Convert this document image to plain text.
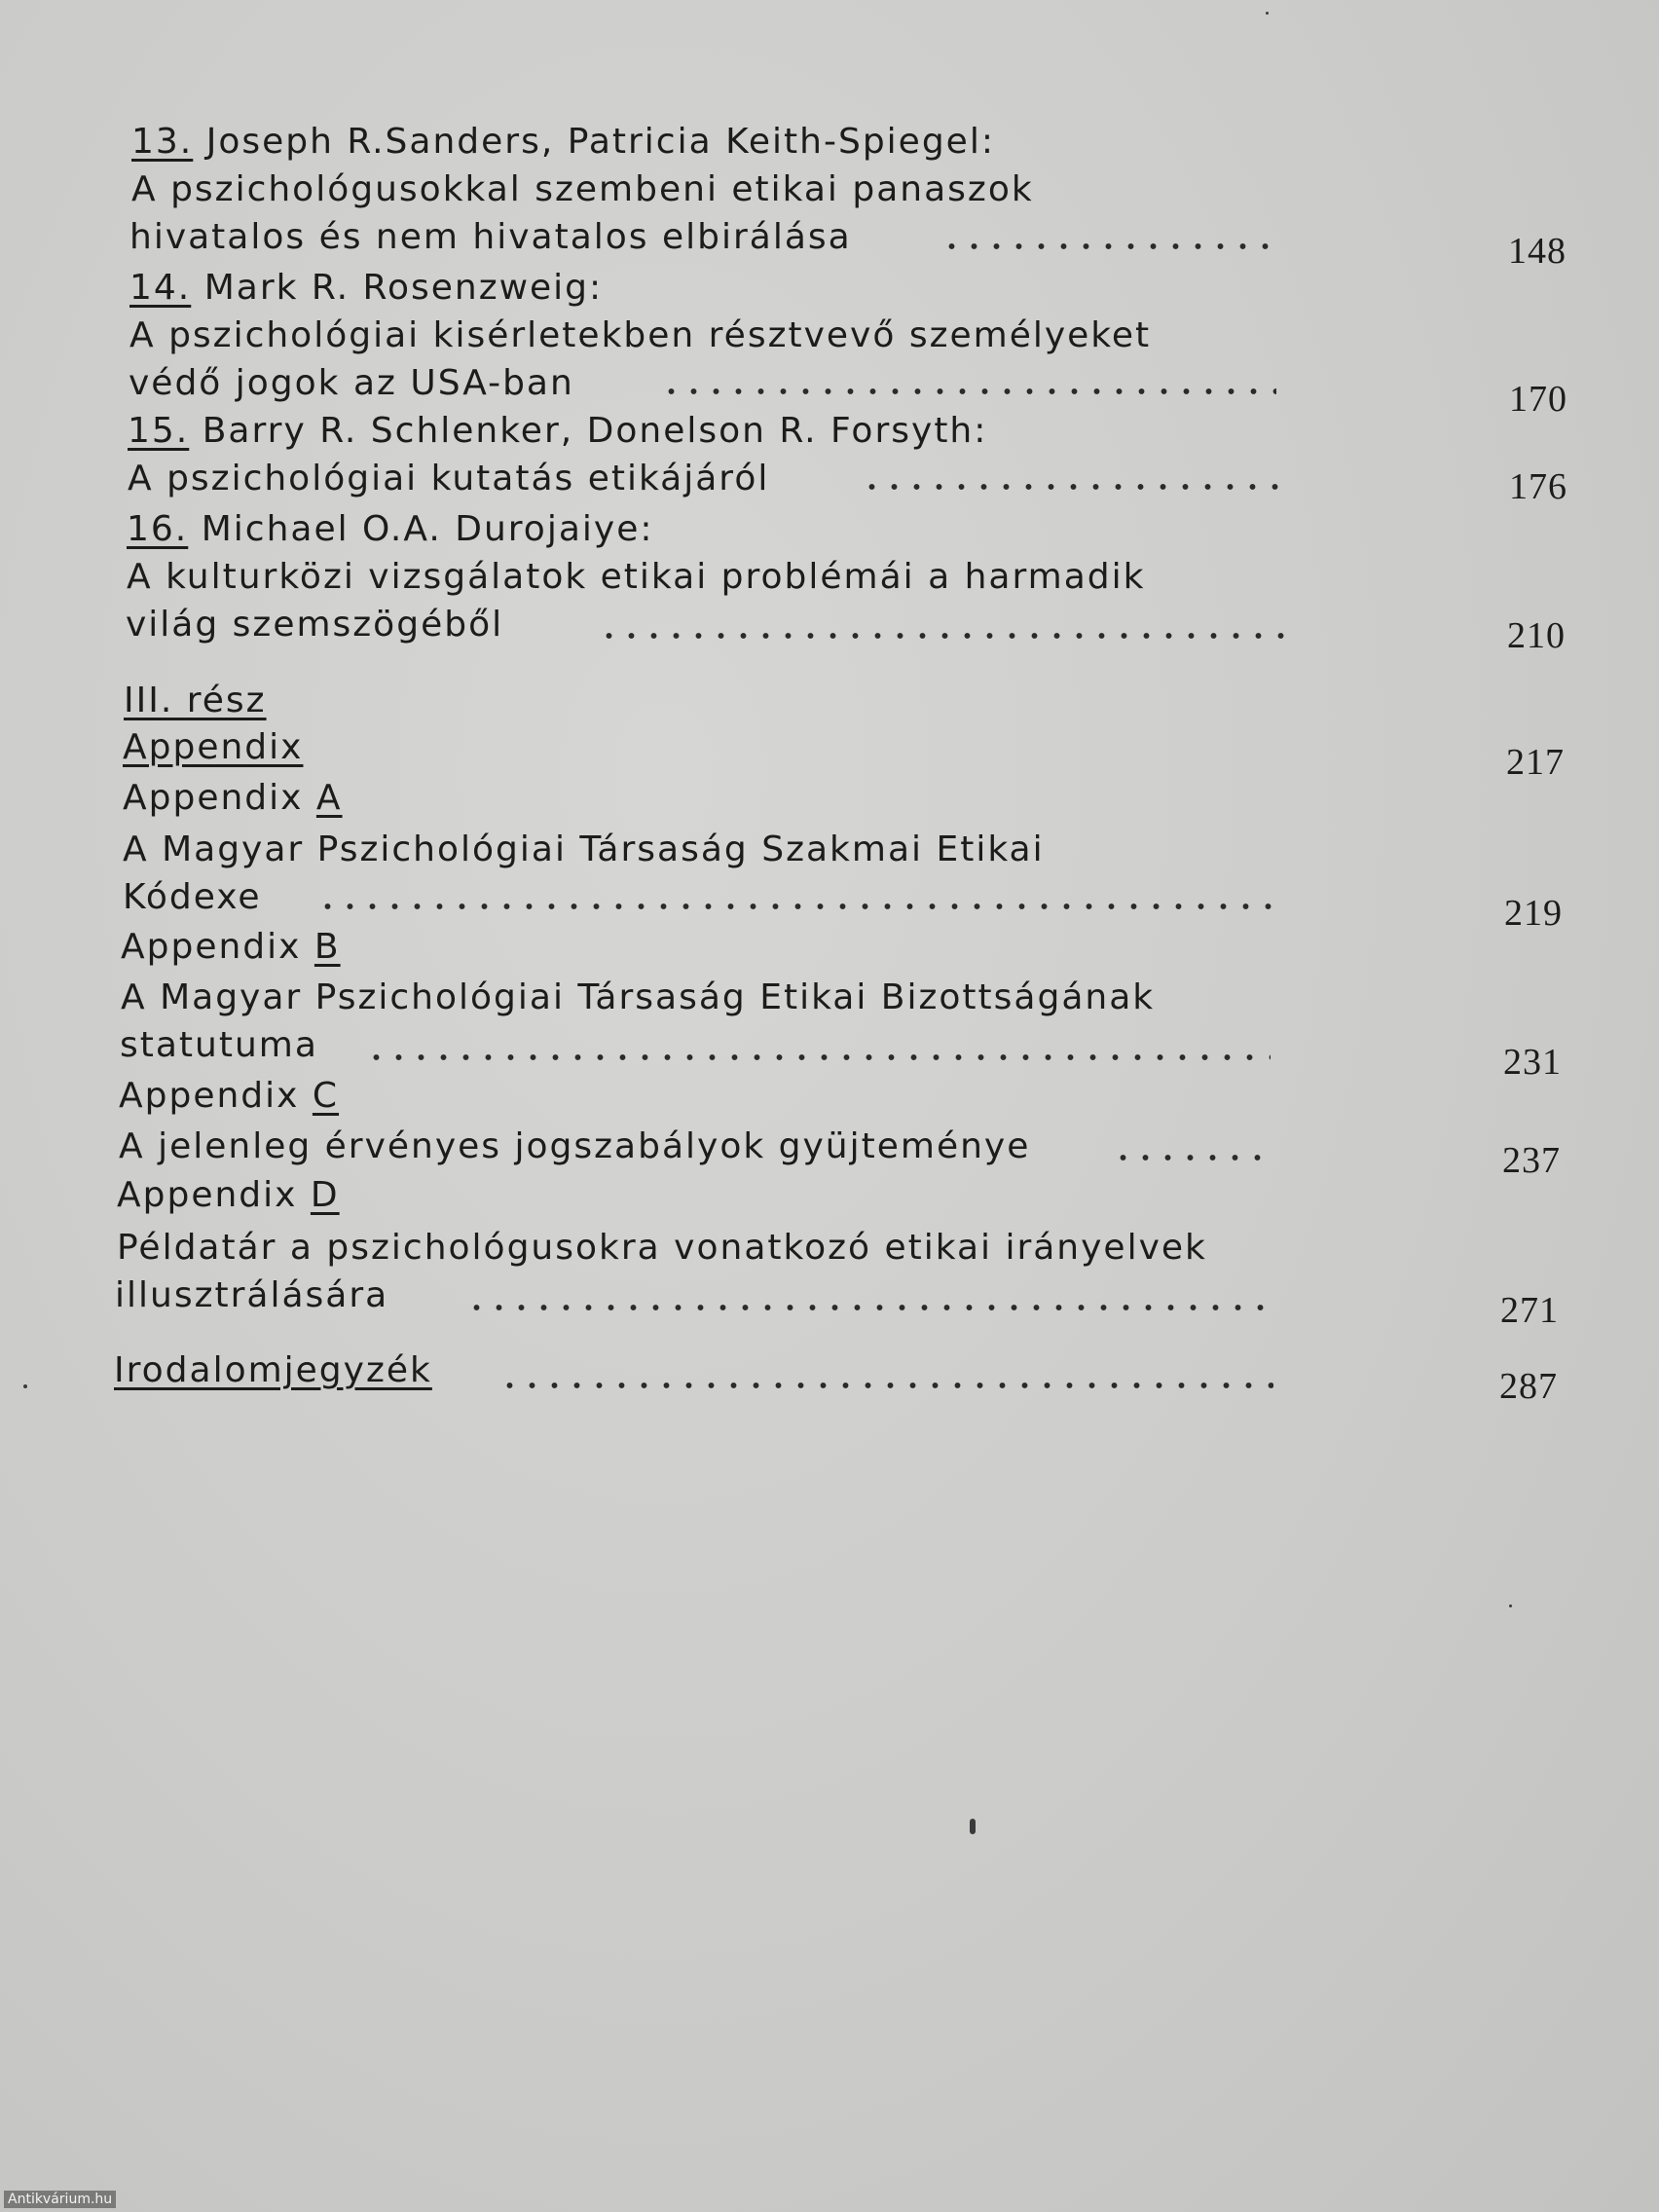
13. Joseph R.Sanders, Patricia Keith-Spiegel:
A pszichológusokkal szembeni etikai panaszok
hivatalos és nem hivatalos elbirálása	148
14. Mark R. Rosenzweig:
A pszichológiai kisérletekben résztvevő személyeket
védő jogok az USA-ban	170
15. Barry R. Schlenker, Donelson R. Forsyth:
A pszichológiai kutatás etikájáról	176
16. Michael O.A. Durojaiye:
A kulturközi vizsgálatok etikai problémái a harmadik
világ szemszögéből	210
III. rész
Appendix	217
Appendix A
A Magyar Pszichológiai Társaság Szakmai Etikai
Kódexe	219
Appendix B
A Magyar Pszichológiai Társaság Etikai Bizottságának
statutuma	231
Appendix C
A jelenleg érvényes jogszabályok gyüjteménye	237
Appendix D
Példatár a pszichológusokra vonatkozó etikai irányelvek
illusztrálására	271
Irodalomjegyzék	287
Antikvárium.hu
